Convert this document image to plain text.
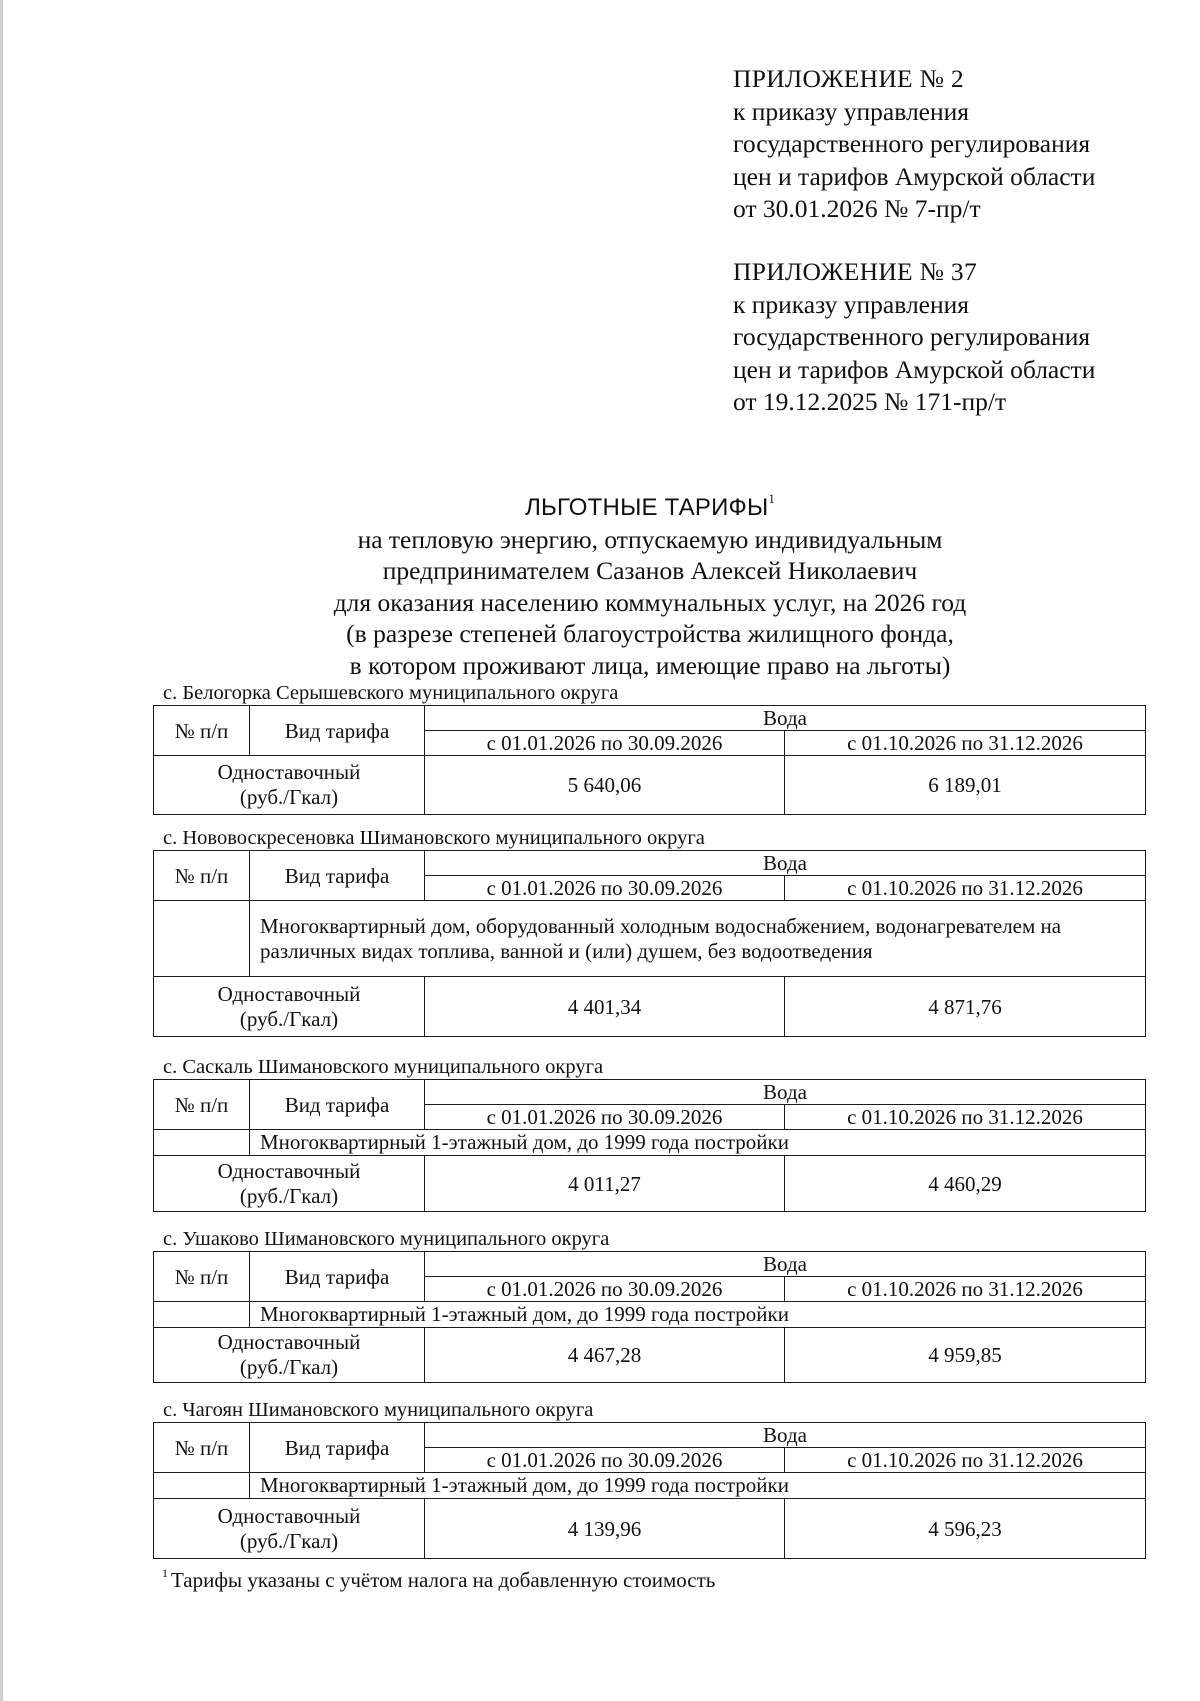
ПРИЛОЖЕНИЕ № 2
к приказу управления
государственного регулирования
цен и тарифов Амурской области
от 30.01.2026 № 7-пр/т
ПРИЛОЖЕНИЕ № 37
к приказу управления
государственного регулирования
цен и тарифов Амурской области
от 19.12.2025 № 171-пр/т
ЛЬГОТНЫЕ ТАРИФЫ$^1$
на тепловую энергию, отпускаемую индивидуальным
предпринимателем Сазанов Алексей Николаевич
для оказания населению коммунальных услуг, на 2026 год
(в разрезе степеней благоустройства жилищного фонда,
в котором проживают лица, имеющие право на льготы)
с. Белогорка Серышевского муниципального округа
№ п/п	Вид тарифа	Вода	
		с 01.01.2026 по 30.09.2026	с 01.10.2026 по 31.12.2026

Одноставочный
(руб./Гкал)		5 640,06	6 189,01
с. Нововоскресеновка Шимановского муниципального округа
№ п/п	Вид тарифа	Вода	
		с 01.01.2026 по 30.09.2026	с 01.10.2026 по 31.12.2026
	Многоквартирный дом, оборудованный холодным водоснабжением, водонагревателем на различных видах топлива, ванной и (или) душем, без водоотведения		

Одноставочный
(руб./Гкал)		4 401,34	4 871,76
с. Саскаль Шимановского муниципального округа
№ п/п	Вид тарифа	Вода	
		с 01.01.2026 по 30.09.2026	с 01.10.2026 по 31.12.2026
	Многоквартирный 1-этажный дом, до 1999 года постройки		

Одноставочный
(руб./Гкал)		4 011,27	4 460,29
с. Ушаково Шимановского муниципального округа
№ п/п	Вид тарифа	Вода	
		с 01.01.2026 по 30.09.2026	с 01.10.2026 по 31.12.2026
	Многоквартирный 1-этажный дом, до 1999 года постройки		

Одноставочный
(руб./Гкал)		4 467,28	4 959,85
с. Чагоян Шимановского муниципального округа
№ п/п	Вид тарифа	Вода	
		с 01.01.2026 по 30.09.2026	с 01.10.2026 по 31.12.2026
	Многоквартирный 1-этажный дом, до 1999 года постройки		

Одноставочный
(руб./Гкал)		4 139,96	4 596,23
$^1$ Тарифы указаны с учётом налога на добавленную стоимость
